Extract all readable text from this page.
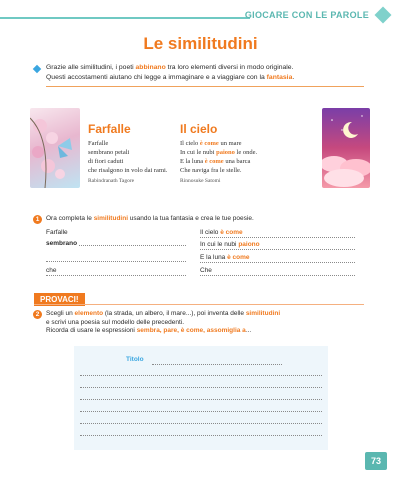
GIOCARE CON LE PAROLE
Le similitudini
Grazie alle similitudini, i poeti abbinano tra loro elementi diversi in modo originale.
Questi accostamenti aiutano chi legge a immaginare e a viaggiare con la fantasia.
Farfalle
Farfalle
sembrano petali
di fiori caduti
che risalgono in volo dai rami.
Rabindranath Tagore
Il cielo
Il cielo è come un mare
In cui le nubi paiono le onde.
E la luna è come una barca
Che naviga fra le stelle.
Rinnosuke Satomi
1	Ora completa le similitudini usando la tua fantasia e crea le tue poesie.
Farfalle
sembrano
che
Il cielo è come
In cui le nubi paiono
E la luna è come
Che
PROVACI!
2	Scegli un elemento (la strada, un albero, il mare...), poi inventa delle similitudini
e scrivi una poesia sul modello delle precedenti.
Ricorda di usare le espressioni sembra, pare, è come, assomiglia a...
Titolo
73
